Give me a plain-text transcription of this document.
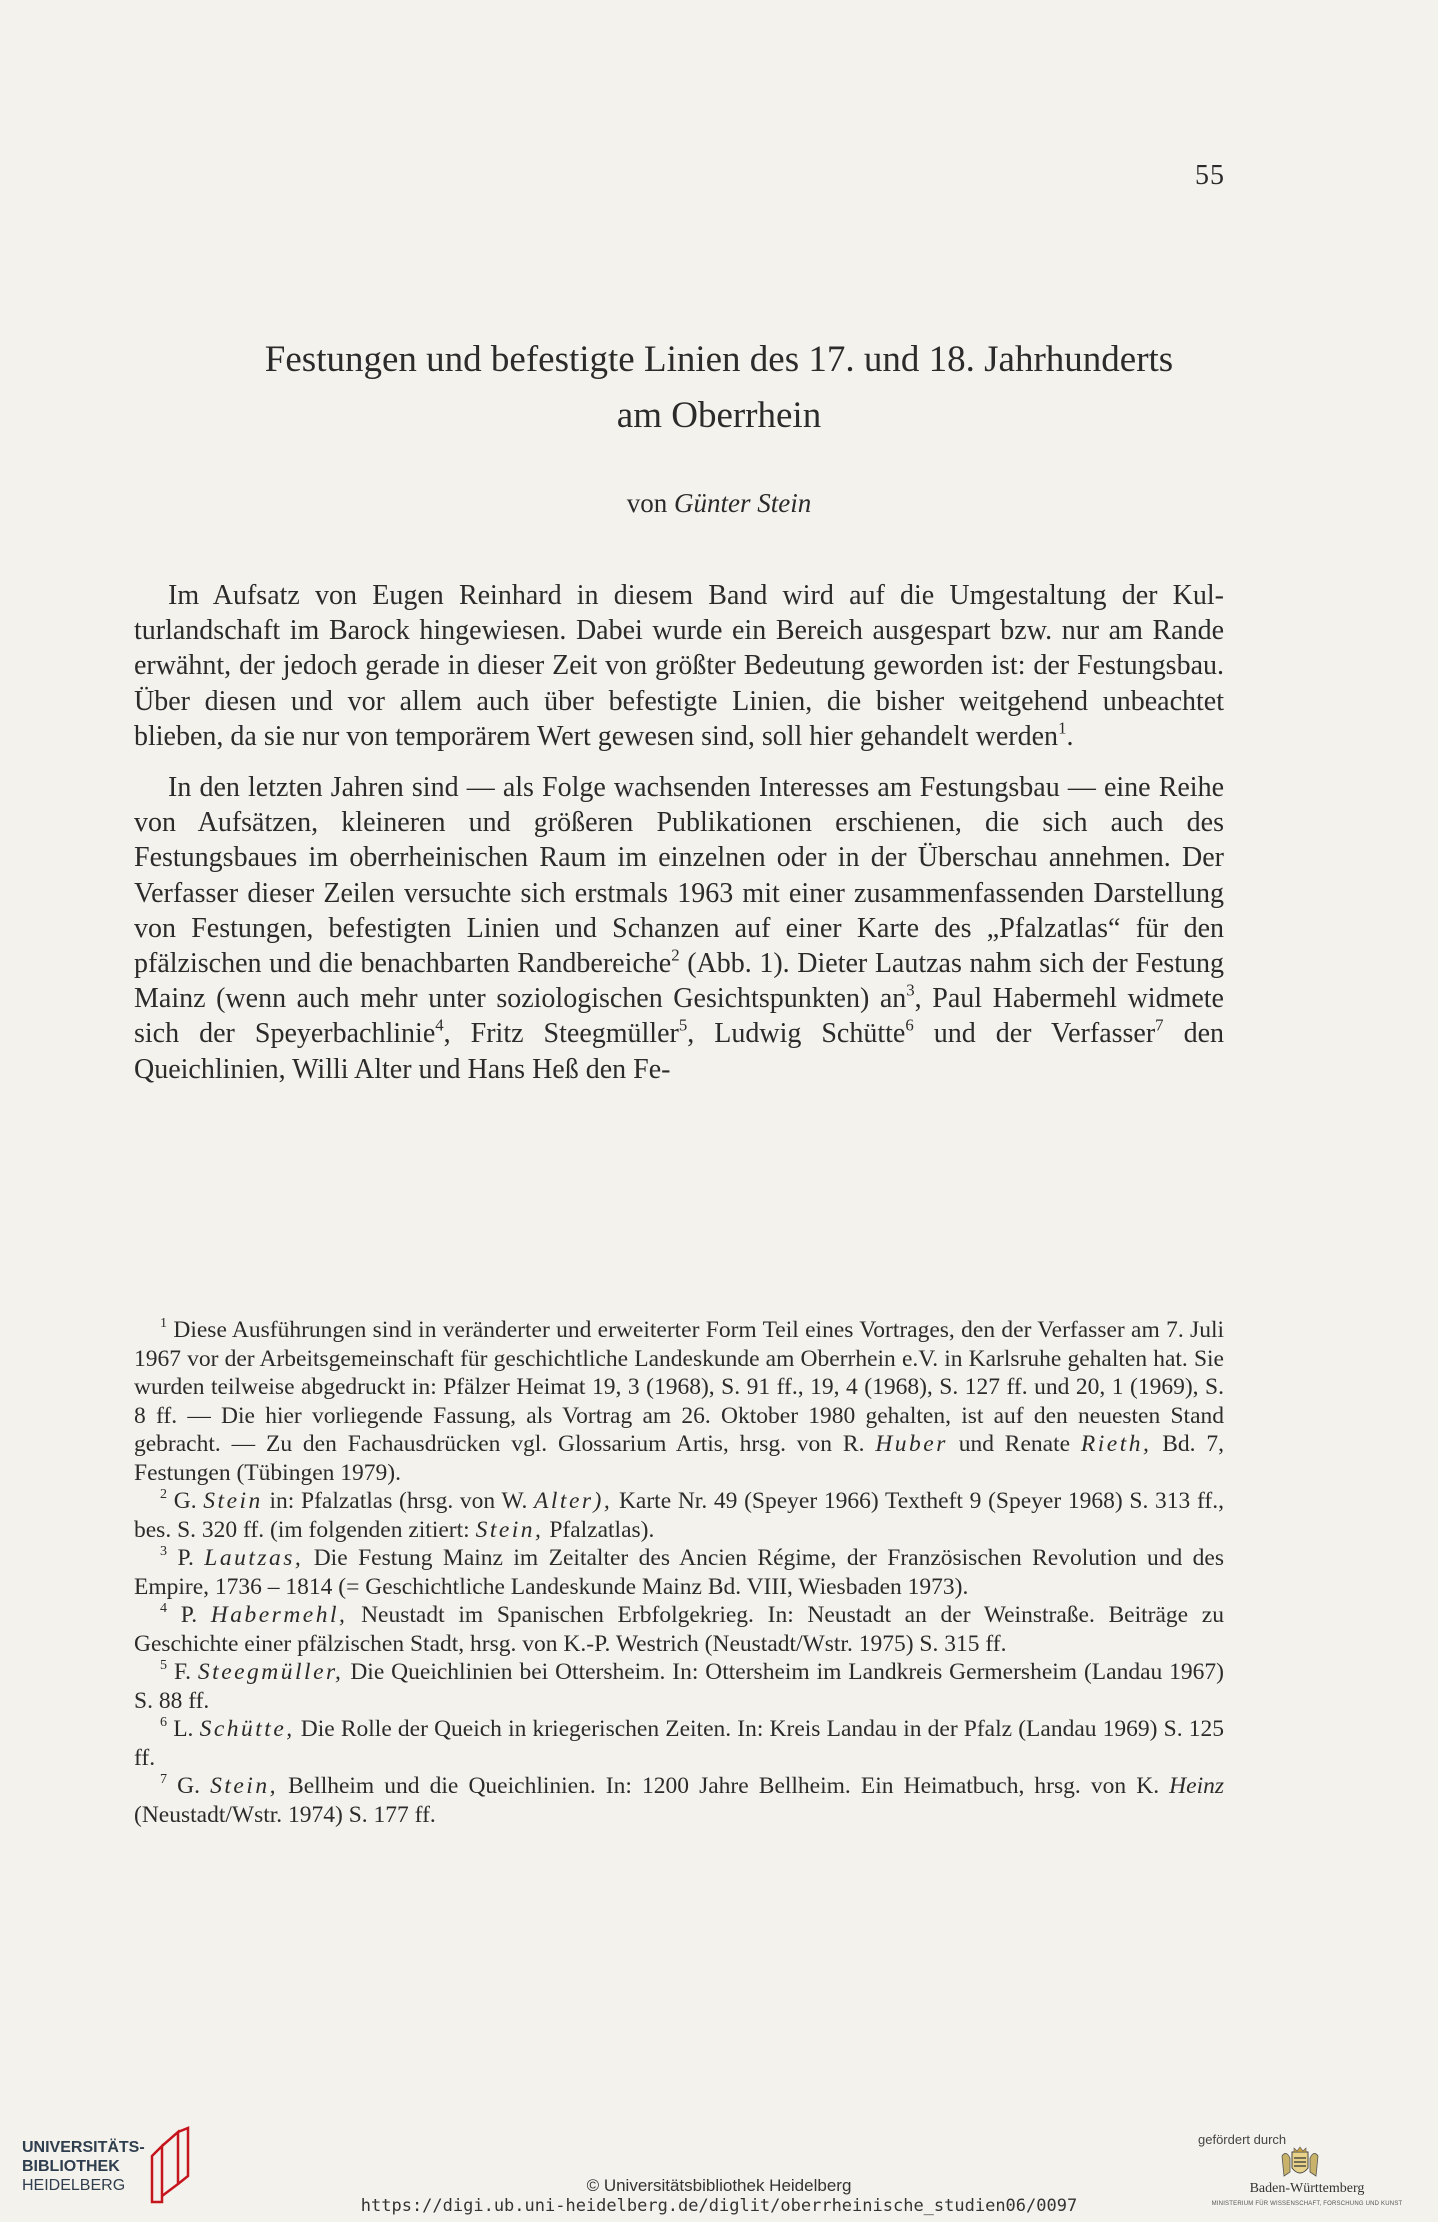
55
Festungen und befestigte Linien des 17. und 18. Jahrhunderts
am Oberrhein
von Günter Stein

Im Aufsatz von Eugen Reinhard in diesem Band wird auf die Umgestaltung der Kulturlandschaft im Barock hingewiesen. Dabei wurde ein Bereich ausgespart bzw. nur am Rande erwähnt, der jedoch gerade in dieser Zeit von größter Bedeutung geworden ist: der Festungsbau. Über diesen und vor allem auch über befestigte Linien, die bisher weitgehend unbeachtet blieben, da sie nur von temporärem Wert gewesen sind, soll hier gehandelt werden$^1$.

In den letzten Jahren sind — als Folge wachsenden Interesses am Festungsbau — eine Reihe von Aufsätzen, kleineren und größeren Publikationen erschienen, die sich auch des Festungsbaues im oberrheinischen Raum im einzelnen oder in der Überschau annehmen. Der Verfasser dieser Zeilen versuchte sich erstmals 1963 mit einer zusammenfassenden Darstellung von Festungen, befestigten Linien und Schanzen auf einer Karte des „Pfalzatlas“ für den pfälzischen und die benachbarten Randbereiche$^2$ (Abb. 1). Dieter Lautzas nahm sich der Festung Mainz (wenn auch mehr unter soziologischen Gesichtspunkten) $an^3$, Paul Habermehl widmete sich der Speyerbachlinie$^4$, Fritz Steegmüller$^5$, Ludwig Schütte$^6$ und der Verfasser$^7$ den Queichlinien, Willi Alter und Hans Heß den Fe-

$^1$ Diese Ausführungen sind in veränderter und erweiterter Form Teil eines Vortrages, den der Verfasser am 7. Juli 1967 vor der Arbeitsgemeinschaft für geschichtliche Landeskunde am Oberrhein e.V. in Karlsruhe gehalten hat. Sie wurden teilweise abgedruckt in: Pfälzer Heimat 19, 3 (1968), S. 91 ff., 19, 4 (1968), S. 127 ff. und 20, 1 (1969), S. 8 ff. — Die hier vorliegende Fassung, als Vortrag am 26. Oktober 1980 gehalten, ist auf den neuesten Stand gebracht. — Zu den Fachausdrücken vgl. Glossarium Artis, hrsg. von R. Huber und Renate Rieth, Bd. 7, Festungen (Tübingen 1979).

$^2$ G. Stein in: Pfalzatlas (hrsg. von W. Alter), Karte Nr. 49 (Speyer 1966) Textheft 9 (Speyer 1968) S. 313 ff., bes. S. 320 ff. (im folgenden zitiert: Stein, Pfalzatlas).

$^3$ P. Lautzas, Die Festung Mainz im Zeitalter des Ancien Régime, der Französischen Revolution und des Empire, 1736 – 1814 (= Geschichtliche Landeskunde Mainz Bd. VIII, Wiesbaden 1973).

$^4$ P. Habermehl, Neustadt im Spanischen Erbfolgekrieg. In: Neustadt an der Weinstraße. Beiträge zu Geschichte einer pfälzischen Stadt, hrsg. von K.-P. Westrich (Neustadt/Wstr. 1975) S. 315 ff.

$^5$ F. Steegmüller, Die Queichlinien bei Ottersheim. In: Ottersheim im Landkreis Germersheim (Landau 1967) S. 88 ff.

$^6$ L. Schütte, Die Rolle der Queich in kriegerischen Zeiten. In: Kreis Landau in der Pfalz (Landau 1969) S. 125 ff.

$^7$ G. Stein, Bellheim und die Queichlinien. In: 1200 Jahre Bellheim. Ein Heimatbuch, hrsg. von K. Heinz (Neustadt/Wstr. 1974) S. 177 ff.

UNIVERSITÄTS-
BIBLIOTHEK
HEIDELBERG	© Universitätsbibliothek Heidelberg
https://digi.ub.uni-heidelberg.de/diglit/oberrheinische_studien06/0097
gefördert durch
Baden-Württemberg
MINISTERIUM FÜR WISSENSCHAFT, FORSCHUNG UND KUNST
